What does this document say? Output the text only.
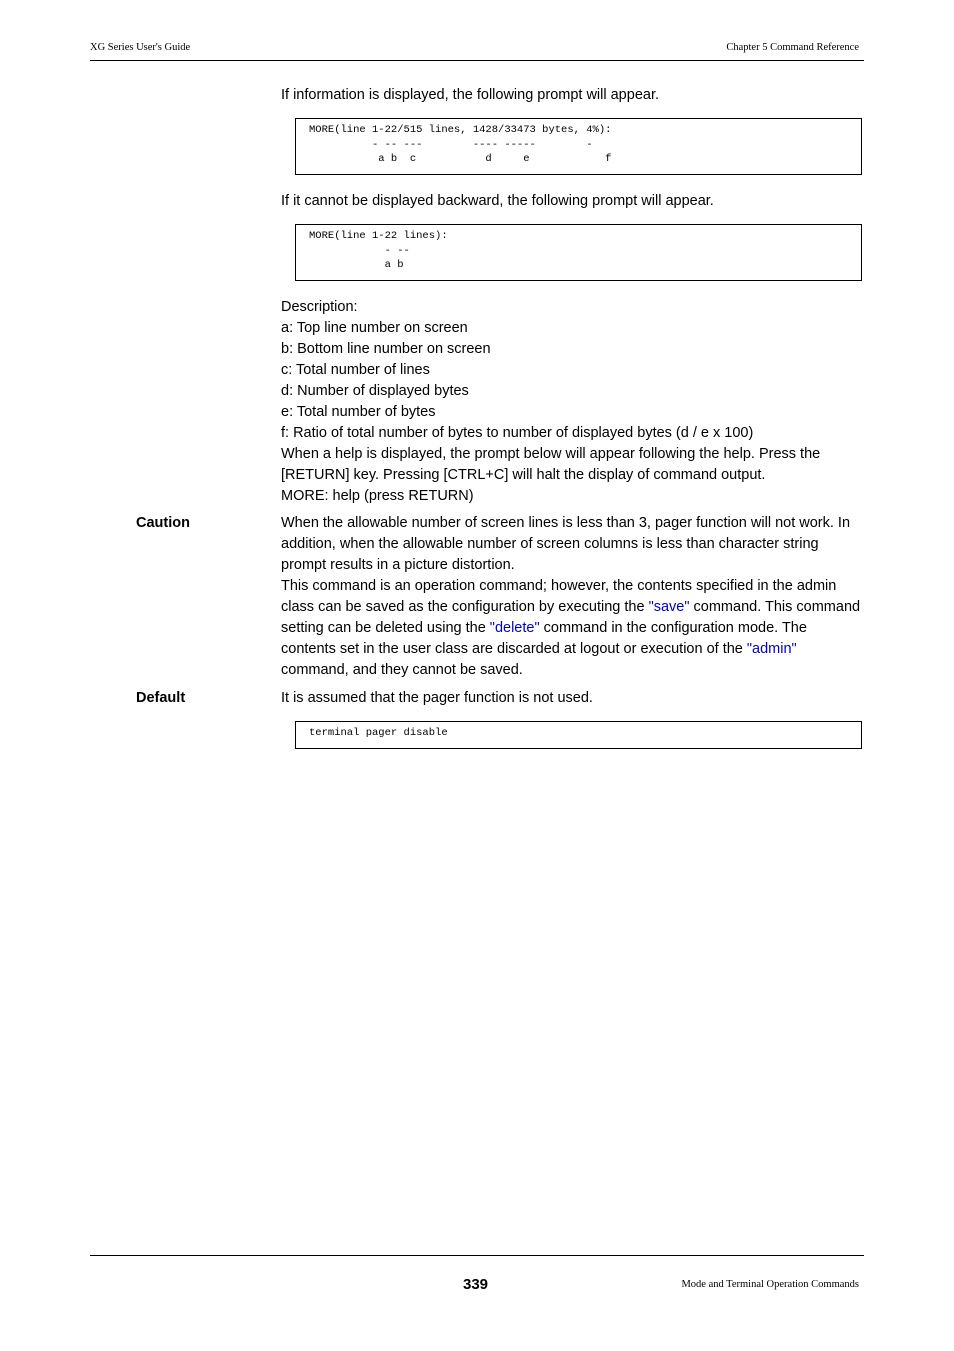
XG Series User's Guide	Chapter 5 Command Reference
If information is displayed, the following prompt will appear.
MORE(line 1-22/515 lines, 1428/33473 bytes, 4%):
- -- ---        ---- -----        -
a b  c           d     e            f
If it cannot be displayed backward, the following prompt will appear.
MORE(line 1-22 lines):
- --
a b

Description:

a: Top line number on screen

b: Bottom line number on screen

c: Total number of lines

d: Number of displayed bytes

e: Total number of bytes

f: Ratio of total number of bytes to number of displayed bytes (d / e x 100)

When a help is displayed, the prompt below will appear following the help. Press the [RETURN] key. Pressing [CTRL+C] will halt the display of command output.

MORE: help (press RETURN)

Caution	When the allowable number of screen lines is less than 3, pager function will not work. In addition, when the allowable number of screen columns is less than character string prompt results in a picture distortion.

This command is an operation command; however, the contents specified in the admin class can be saved as the configuration by executing the "save" command. This command setting can be deleted using the "delete" command in the configuration mode. The contents set in the user class are discarded at logout or execution of the "admin" command, and they cannot be saved.

Default	It is assumed that the pager function is not used.
terminal pager disable
339	Mode and Terminal Operation Commands
